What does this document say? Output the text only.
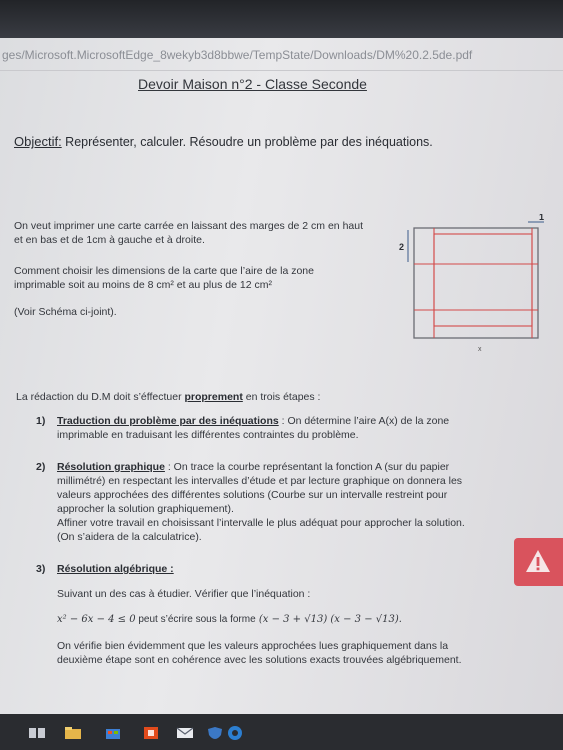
ges/Microsoft.MicrosoftEdge_8wekyb3d8bbwe/TempState/Downloads/DM%20.2.5de.pdf
Devoir Maison n°2 - Classe Seconde
Objectif: Représenter, calculer. Résoudre un problème par des inéquations.
On veut imprimer une carte carrée en laissant des marges de 2 cm en haut
et en bas et de 1cm à gauche et à droite.
Comment choisir les dimensions de la carte que l’aire de la zone
imprimable soit au moins de 8 cm² et au plus de 12 cm²
(Voir Schéma ci-joint).
1
2
x
La rédaction du D.M doit s’éffectuer proprement en trois étapes :
1) Traduction du problème par des inéquations : On détermine l’aire A(x) de la zone
imprimable en traduisant les différentes contraintes du problème.
2) Résolution graphique : On trace la courbe représentant la fonction A (sur du papier
millimétré) en respectant les intervalles d’étude et par lecture graphique on donnera les
valeurs approchées des différentes solutions (Courbe sur un intervalle restreint pour
approcher la solution graphiquement).
Affiner votre travail en choisissant l’intervalle le plus adéquat pour approcher la solution.
(On s’aidera de la calculatrice).
3) Résolution algébrique :
Suivant un des cas à étudier. Vérifier que l’inéquation :
x² − 6x − 4 ≤ 0 peut s’écrire sous la forme (x − 3 + √13) (x − 3 − √13).
On vérifie bien évidemment que les valeurs approchées lues graphiquement dans la
deuxième étape sont en cohérence avec les solutions exacts trouvées algébriquement.
